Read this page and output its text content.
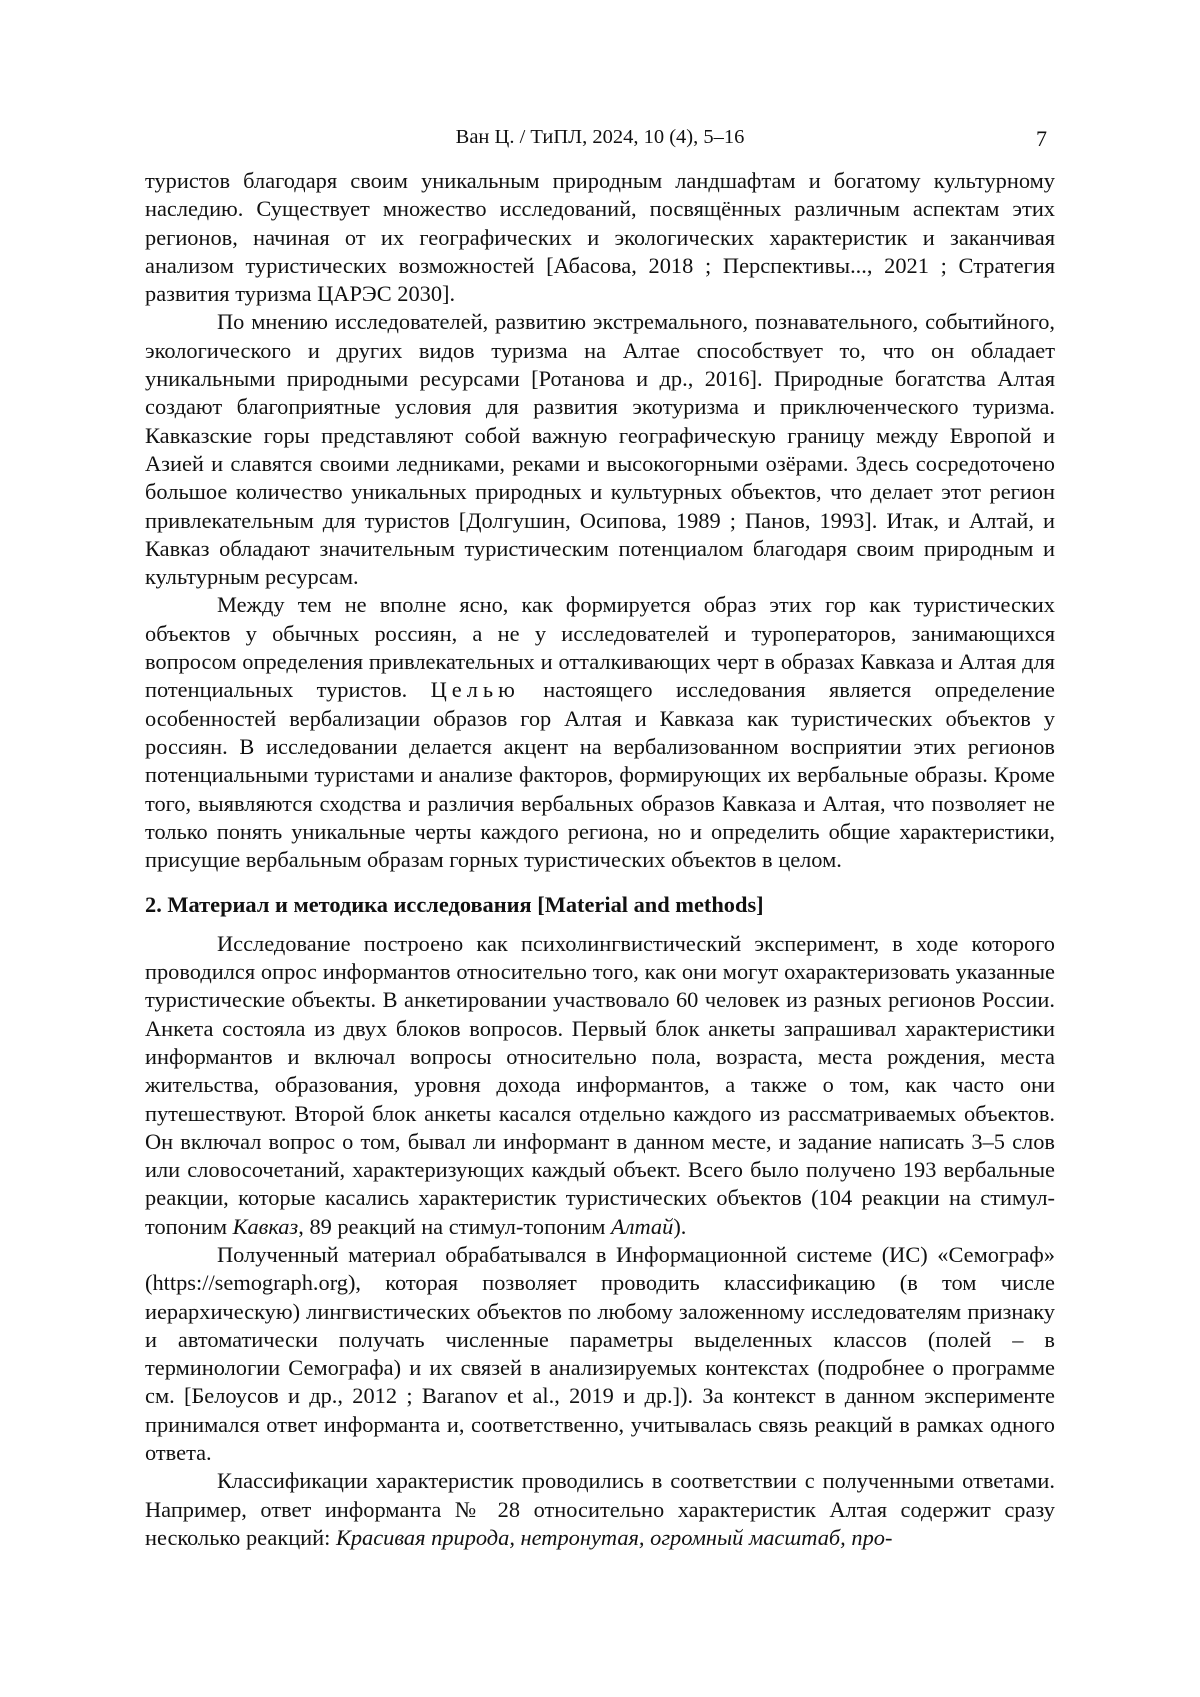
Ван Ц. / ТиПЛ, 2024, 10 (4), 5–16	7

туристов благодаря своим уникальным природным ландшафтам и богатому культурному наследию. Существует множество исследований, посвящённых различным аспектам этих регионов, начиная от их географических и экологических характеристик и заканчивая анализом туристических возможностей [Абасова, 2018 ; Перспективы..., 2021 ; Стратегия развития туризма ЦАРЭС 2030].

По мнению исследователей, развитию экстремального, познавательного, событийного, экологического и других видов туризма на Алтае способствует то, что он обладает уникальными природными ресурсами [Ротанова и др., 2016]. Природные богатства Алтая создают благоприятные условия для развития экотуризма и приключенческого туризма. Кавказские горы представляют собой важную географическую границу между Европой и Азией и славятся своими ледниками, реками и высокогорными озёрами. Здесь сосредоточено большое количество уникальных природных и культурных объектов, что делает этот регион привлекательным для туристов [Долгушин, Осипова, 1989 ; Панов, 1993]. Итак, и Алтай, и Кавказ обладают значительным туристическим потенциалом благодаря своим природным и культурным ресурсам.

Между тем не вполне ясно, как формируется образ этих гор как туристических объектов у обычных россиян, а не у исследователей и туроператоров, занимающихся вопросом определения привлекательных и отталкивающих черт в образах Кавказа и Алтая для потенциальных туристов. Целью настоящего исследования является определение особенностей вербализации образов гор Алтая и Кавказа как туристических объектов у россиян. В исследовании делается акцент на вербализованном восприятии этих регионов потенциальными туристами и анализе факторов, формирующих их вербальные образы. Кроме того, выявляются сходства и различия вербальных образов Кавказа и Алтая, что позволяет не только понять уникальные черты каждого региона, но и определить общие характеристики, присущие вербальным образам горных туристических объектов в целом.

2. Материал и методика исследования [Material and methods]

Исследование построено как психолингвистический эксперимент, в ходе которого проводился опрос информантов относительно того, как они могут охарактеризовать указанные туристические объекты. В анкетировании участвовало 60 человек из разных регионов России. Анкета состояла из двух блоков вопросов. Первый блок анкеты запрашивал характеристики информантов и включал вопросы относительно пола, возраста, места рождения, места жительства, образования, уровня дохода информантов, а также о том, как часто они путешествуют. Второй блок анкеты касался отдельно каждого из рассматриваемых объектов. Он включал вопрос о том, бывал ли информант в данном месте, и задание написать 3–5 слов или словосочетаний, характеризующих каждый объект. Всего было получено 193 вербальные реакции, которые касались характеристик туристических объектов (104 реакции на стимул-топоним Кавказ, 89 реакций на стимул-топоним Алтай).

Полученный материал обрабатывался в Информационной системе (ИС) «Семограф» (https://semograph.org), которая позволяет проводить классификацию (в том числе иерархическую) лингвистических объектов по любому заложенному исследователям признаку и автоматически получать численные параметры выделенных классов (полей – в терминологии Семографа) и их связей в анализируемых контекстах (подробнее о программе см. [Белоусов и др., 2012 ; Baranov et al., 2019 и др.]). За контекст в данном эксперименте принимался ответ информанта и, соответственно, учитывалась связь реакций в рамках одного ответа.

Классификации характеристик проводились в соответствии с полученными ответами. Например, ответ информанта № 28 относительно характеристик Алтая содержит сразу несколько реакций: Красивая природа, нетронутая, огромный масштаб, про-
